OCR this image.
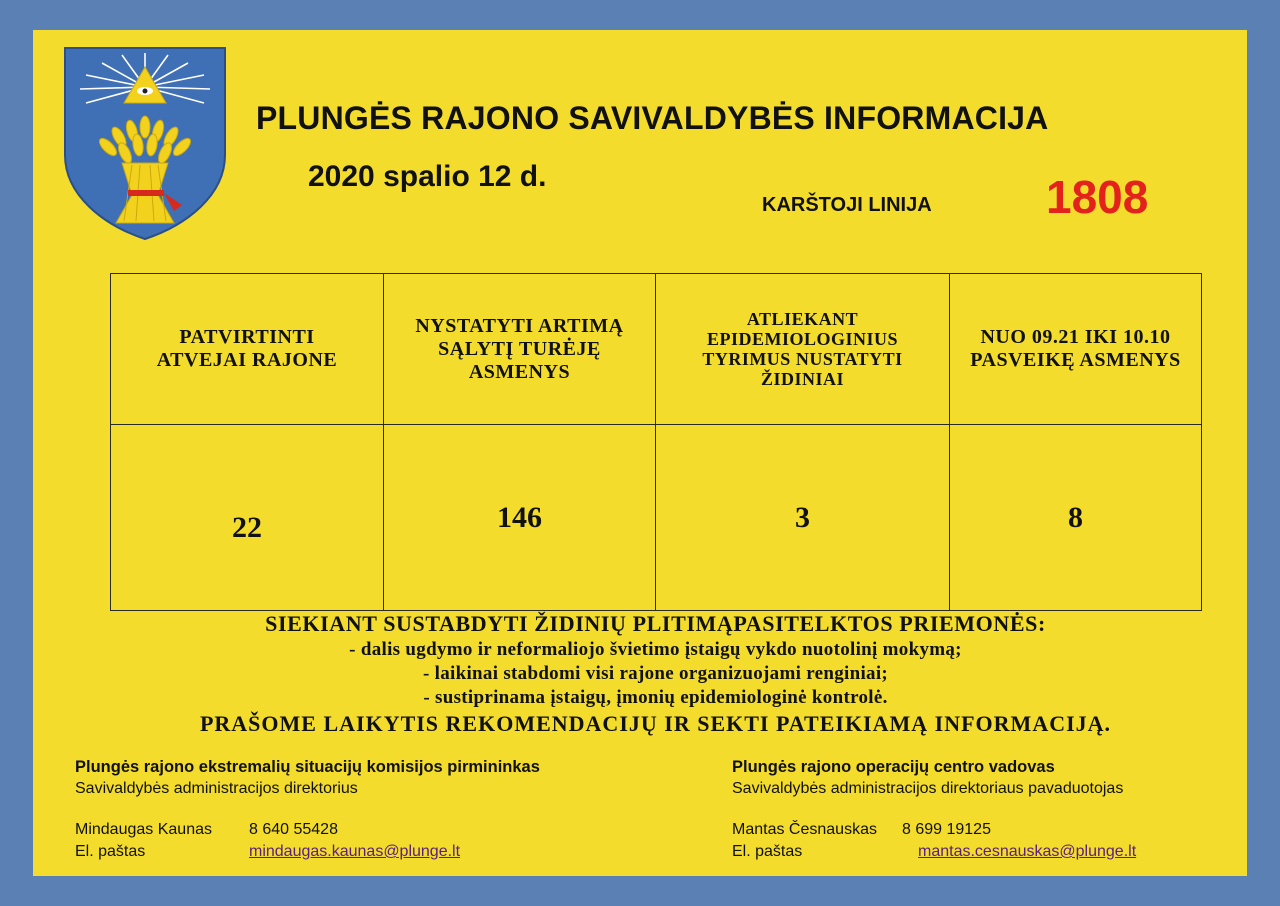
PLUNGĖS RAJONO SAVIVALDYBĖS INFORMACIJA
2020 spalio 12 d.
KARŠTOJI LINIJA 1808
PATVIRTINTI ATVEJAI RAJONE	NYSTATYTI ARTIMĄ SĄLYTĮ TURĖJĘ ASMENYS	ATLIEKANT EPIDEMIOLOGINIUS TYRIMUS NUSTATYTI ŽIDINIAI	NUO 09.21 IKI 10.10 PASVEIKĘ ASMENYS
22	146	3	8
SIEKIANT SUSTABDYTI ŽIDINIŲ PLITIMĄPASITELKTOS PRIEMONĖS:
- dalis ugdymo ir neformaliojo švietimo įstaigų vykdo nuotolinį mokymą;
- laikinai stabdomi visi rajone organizuojami renginiai;
- sustiprinama įstaigų, įmonių epidemiologinė kontrolė.
PRAŠOME LAIKYTIS REKOMENDACIJŲ IR SEKTI PATEIKIAMĄ INFORMACIJĄ.
Plungės rajono ekstremalių situacijų komisijos pirmininkas
Savivaldybės administracijos direktorius
Mindaugas Kaunas 8 640 55428
El. paštas	mindaugas.kaunas@plunge.lt
Plungės rajono operacijų centro vadovas
Savivaldybės administracijos direktoriaus pavaduotojas
Mantas Česnauskas 8 699 19125
El. paštas	mantas.cesnauskas@plunge.lt
